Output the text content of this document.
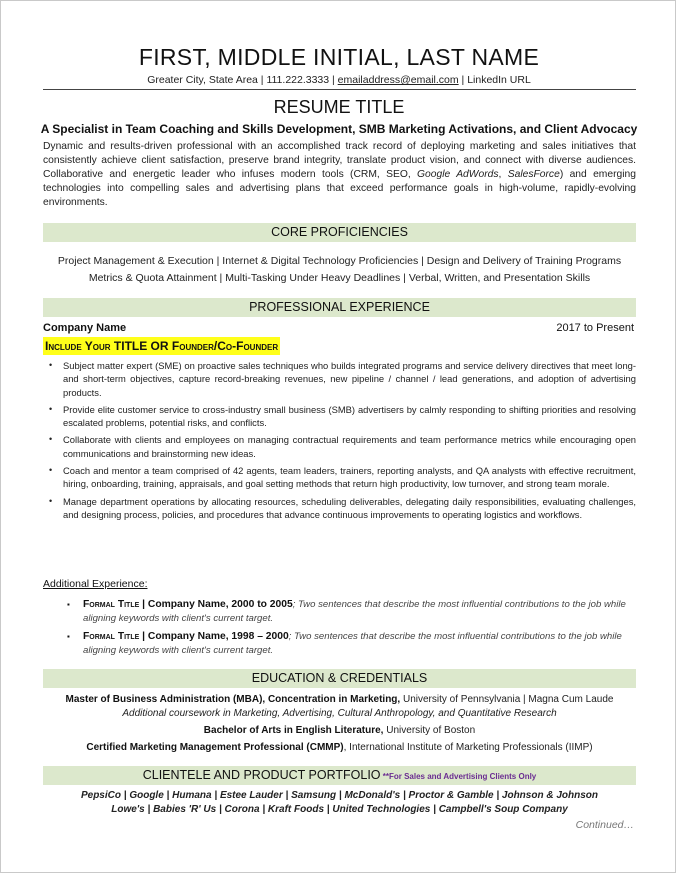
FIRST, MIDDLE INITIAL, LAST NAME
Greater City, State Area | 111.222.3333 | emailaddress@email.com | LinkedIn URL
RESUME TITLE
A Specialist in Team Coaching and Skills Development, SMB Marketing Activations, and Client Advocacy
Dynamic and results-driven professional with an accomplished track record of deploying marketing and sales initiatives that consistently achieve client satisfaction, preserve brand integrity, translate product vision, and connect with diverse audiences. Collaborative and energetic leader who infuses modern tools (CRM, SEO, Google AdWords, SalesForce) and emerging technologies into compelling sales and advertising plans that exceed performance goals in high-volume, rapidly-evolving environments.
CORE PROFICIENCIES
Project Management & Execution | Internet & Digital Technology Proficiencies | Design and Delivery of Training Programs
Metrics & Quota Attainment | Multi-Tasking Under Heavy Deadlines | Verbal, Written, and Presentation Skills
PROFESSIONAL EXPERIENCE
Company Name	2017 to Present
Include Your TITLE OR Founder/Co-Founder
• Subject matter expert (SME) on proactive sales techniques who builds integrated programs and service delivery directives that meet long- and short-term objectives, capture record-breaking revenues, new pipeline / channel / lead generations, and adoption of advertising products.
• Provide elite customer service to cross-industry small business (SMB) advertisers by calmly responding to shifting priorities and resolving escalated problems, potential risks, and conflicts.
• Collaborate with clients and employees on managing contractual requirements and team performance metrics while encouraging open communications and brainstorming new ideas.
• Coach and mentor a team comprised of 42 agents, team leaders, trainers, reporting analysts, and QA analysts with effective recruitment, hiring, onboarding, training, appraisals, and goal setting methods that return high productivity, low turnover, and strong team morale.
• Manage department operations by allocating resources, scheduling deliverables, delegating daily responsibilities, evaluating challenges, and designing process, policies, and procedures that advance continuous improvements to operating logistics and workflows.
Additional Experience:
▪ Formal Title | Company Name, 2000 to 2005; Two sentences that describe the most influential contributions to the job while aligning keywords with client's current target.
▪ Formal Title | Company Name, 1998 – 2000; Two sentences that describe the most influential contributions to the job while aligning keywords with client's current target.
EDUCATION & CREDENTIALS
Master of Business Administration (MBA), Concentration in Marketing, University of Pennsylvania | Magna Cum Laude
Additional coursework in Marketing, Advertising, Cultural Anthropology, and Quantitative Research
Bachelor of Arts in English Literature, University of Boston
Certified Marketing Management Professional (CMMP), International Institute of Marketing Professionals (IIMP)
CLIENTELE AND PRODUCT PORTFOLIO **For Sales and Advertising Clients Only
PepsiCo | Google | Humana | Estee Lauder | Samsung | McDonald's | Proctor & Gamble | Johnson & Johnson
Lowe's | Babies 'R' Us | Corona | Kraft Foods | United Technologies | Campbell's Soup Company
Continued…
